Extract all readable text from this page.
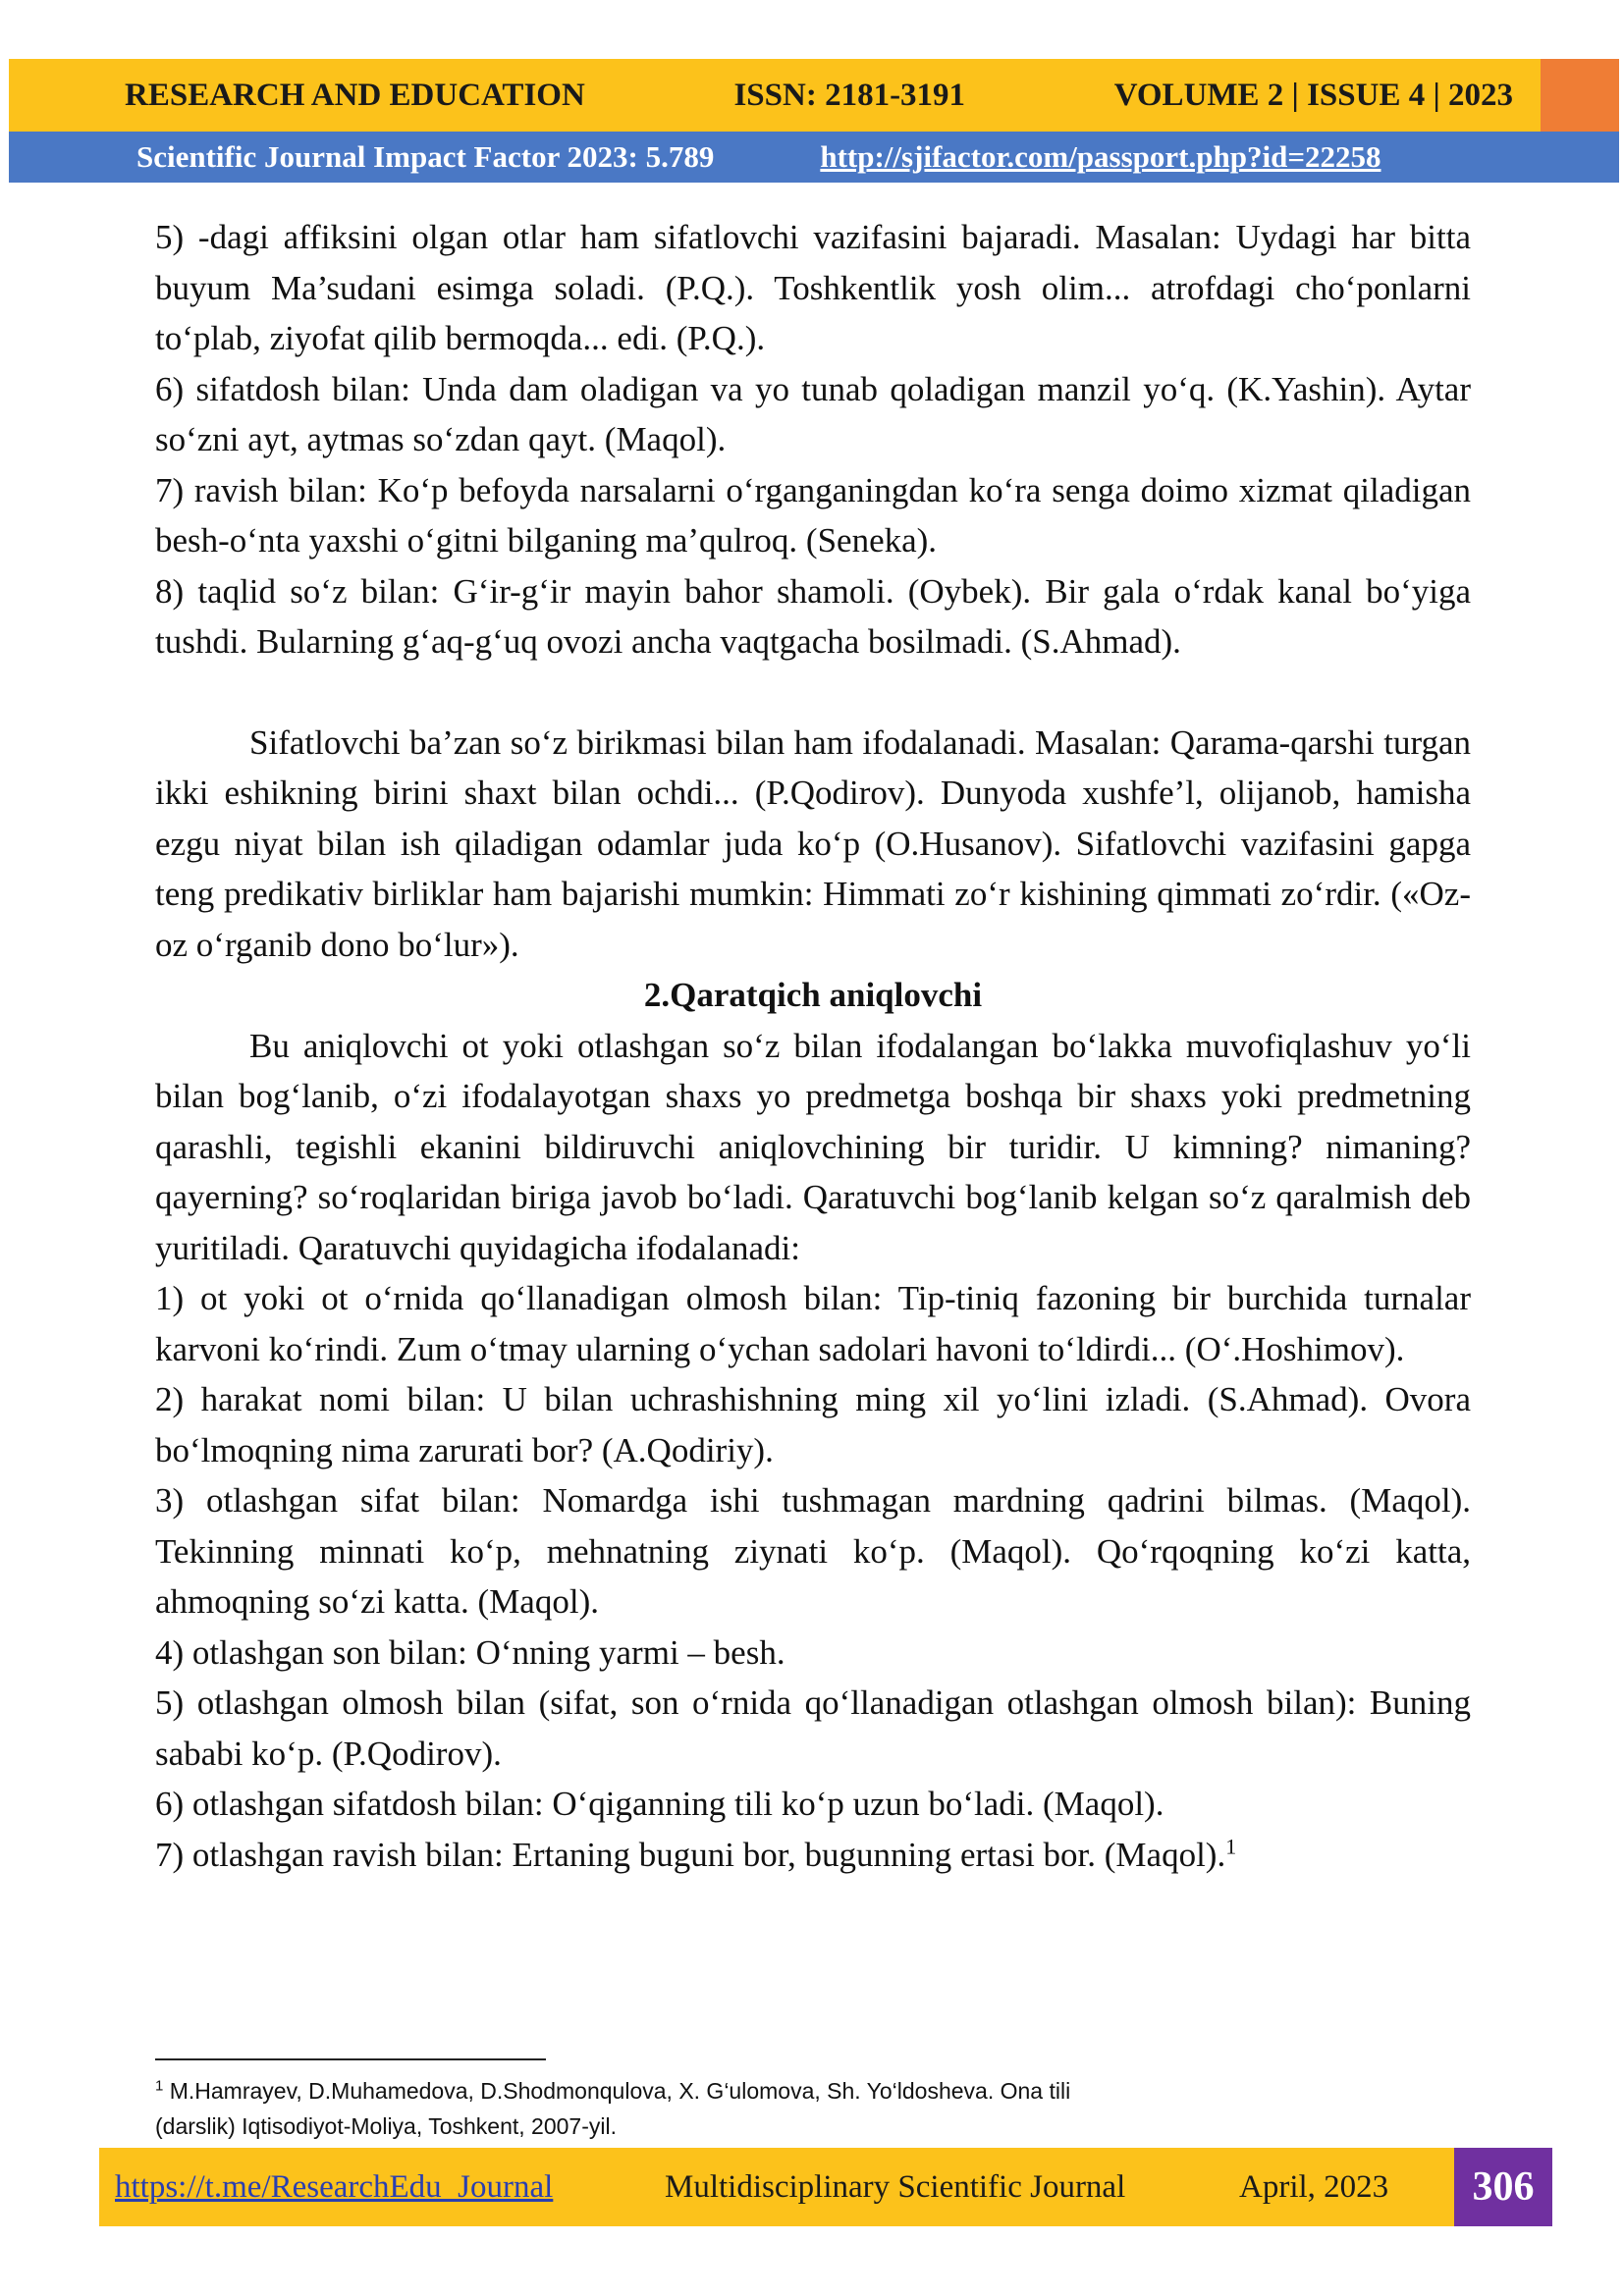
RESEARCH AND EDUCATION	ISSN: 2181-3191	VOLUME 2 | ISSUE 4 | 2023
Scientific Journal Impact Factor 2023: 5.789	http://sjifactor.com/passport.php?id=22258

5) -dagi affiksini olgan otlar ham sifatlovchi vazifasini bajaradi. Masalan: Uydagi har bitta buyum Ma’sudani esimga soladi. (P.Q.). Toshkentlik yosh olim... atrofdagi cho‘ponlarni to‘plab, ziyofat qilib bermoqda... edi. (P.Q.).

6) sifatdosh bilan: Unda dam oladigan va yo tunab qoladigan manzil yo‘q. (K.Yashin). Aytar so‘zni ayt, aytmas so‘zdan qayt. (Maqol).

7) ravish bilan: Ko‘p befoyda narsalarni o‘rganganingdan ko‘ra senga doimo xizmat qiladigan besh-o‘nta yaxshi o‘gitni bilganing ma’qulroq. (Seneka).

8) taqlid so‘z bilan: G‘ir-g‘ir mayin bahor shamoli. (Oybek). Bir gala o‘rdak kanal bo‘yiga tushdi. Bularning g‘aq-g‘uq ovozi ancha vaqtgacha bosilmadi. (S.Ahmad).

Sifatlovchi ba’zan so‘z birikmasi bilan ham ifodalanadi. Masalan: Qarama-qarshi turgan ikki eshikning birini shaxt bilan ochdi... (P.Qodirov). Dunyoda xushfe’l, olijanob, hamisha ezgu niyat bilan ish qiladigan odamlar juda ko‘p (O.Husanov). Sifatlovchi vazifasini gapga teng predikativ birliklar ham bajarishi mumkin: Himmati zo‘r kishining qimmati zo‘rdir. («Oz-oz o‘rganib dono bo‘lur»).

2.Qaratqich aniqlovchi

Bu aniqlovchi ot yoki otlashgan so‘z bilan ifodalangan bo‘lakka muvofiqlashuv yo‘li bilan bog‘lanib, o‘zi ifodalayotgan shaxs yo predmetga boshqa bir shaxs yoki predmetning qarashli, tegishli ekanini bildiruvchi aniqlovchining bir turidir. U kimning? nimaning? qayerning? so‘roqlaridan biriga javob bo‘ladi. Qaratuvchi bog‘lanib kelgan so‘z qaralmish deb yuritiladi. Qaratuvchi quyidagicha ifodalanadi:

1) ot yoki ot o‘rnida qo‘llanadigan olmosh bilan: Tip-tiniq fazoning bir burchida turnalar karvoni ko‘rindi. Zum o‘tmay ularning o‘ychan sadolari havoni to‘ldirdi... (O‘.Hoshimov).

2) harakat nomi bilan: U bilan uchrashishning ming xil yo‘lini izladi. (S.Ahmad). Ovora bo‘lmoqning nima zarurati bor? (A.Qodiriy).

3) otlashgan sifat bilan: Nomardga ishi tushmagan mardning qadrini bilmas. (Maqol). Tekinning minnati ko‘p, mehnatning ziynati ko‘p. (Maqol). Qo‘rqoqning ko‘zi katta, ahmoqning so‘zi katta. (Maqol).

4) otlashgan son bilan: O‘nning yarmi – besh.

5) otlashgan olmosh bilan (sifat, son o‘rnida qo‘llanadigan otlashgan olmosh bilan): Buning sababi ko‘p. (P.Qodirov).

6) otlashgan sifatdosh bilan: O‘qiganning tili ko‘p uzun bo‘ladi. (Maqol).

7) otlashgan ravish bilan: Ertaning buguni bor, bugunning ertasi bor. (Maqol).$^1$

$^1$ M.Hamrayev, D.Muhamedova, D.Shodmonqulova, X. G‘ulomova, Sh. Yo‘ldosheva. Ona tili
(darslik) Iqtisodiyot-Moliya, Toshkent, 2007-yil.
https://t.me/ResearchEdu_Journal	Multidisciplinary Scientific Journal	April, 2023	306
